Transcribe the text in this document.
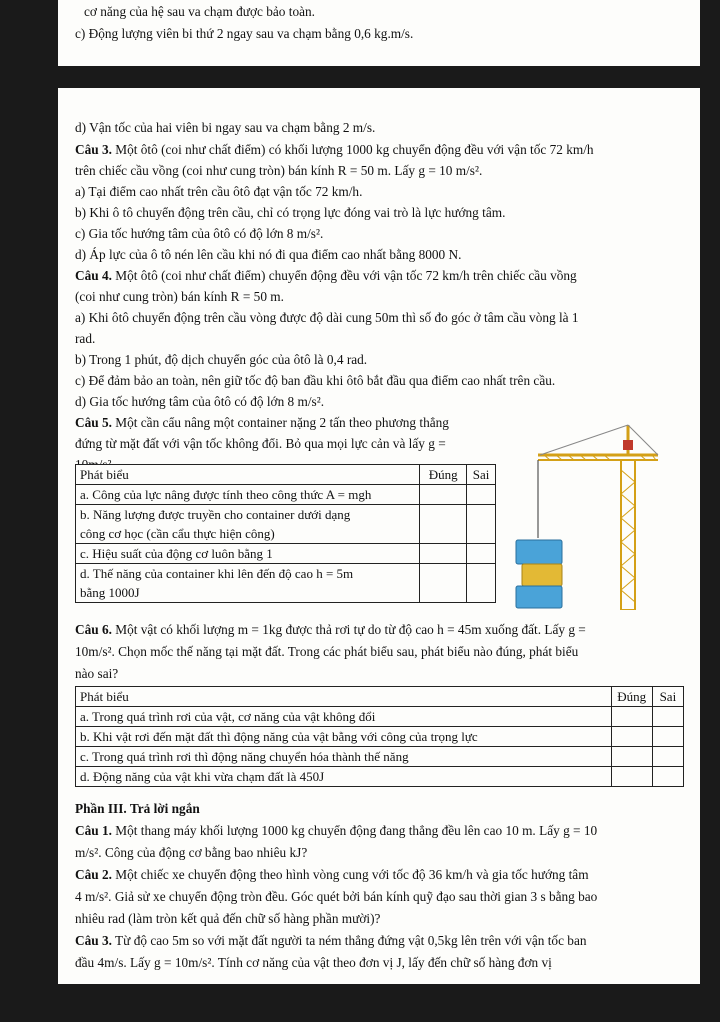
cơ năng của hệ sau va chạm được bảo toàn.
c) Động lượng viên bi thứ 2 ngay sau va chạm bằng 0,6 kg.m/s.
d) Vận tốc của hai viên bi ngay sau va chạm bằng 2 m/s.
Câu 3. Một ôtô (coi như chất điểm) có khối lượng 1000 kg chuyển động đều với vận tốc 72 km/h
trên chiếc cầu vồng (coi như cung tròn) bán kính R = 50 m. Lấy g = 10 m/s².
a) Tại điểm cao nhất trên cầu ôtô đạt vận tốc 72 km/h.
b) Khi ô tô chuyển động trên cầu, chỉ có trọng lực đóng vai trò là lực hướng tâm.
c) Gia tốc hướng tâm của ôtô có độ lớn 8 m/s².
d) Áp lực của ô tô nén lên cầu khi nó đi qua điểm cao nhất bằng 8000 N.
Câu 4. Một ôtô (coi như chất điểm) chuyển động đều với vận tốc 72 km/h trên chiếc cầu vồng
(coi như cung tròn) bán kính R = 50 m.
a) Khi ôtô chuyển động trên cầu vòng được độ dài cung 50m thì số đo góc ở tâm cầu vòng là 1
rad.
b) Trong 1 phút, độ dịch chuyển góc của ôtô là 0,4 rad.
c) Để đảm bảo an toàn, nên giữ tốc độ ban đầu khi ôtô bắt đầu qua điểm cao nhất trên cầu.
d) Gia tốc hướng tâm của ôtô có độ lớn 8 m/s².
Câu 5. Một cần cẩu nâng một container nặng 2 tấn theo phương thẳng
đứng từ mặt đất với vận tốc không đổi. Bỏ qua mọi lực cản và lấy g =
Phát biểu	Đúng	Sai
a. Công của lực nâng được tính theo công thức A = mgh		

b. Năng lượng được truyền cho container dưới dạng
công cơ học (cần cẩu thực hiện công)		

c. Hiệu suất của động cơ luôn bằng 1		

d. Thế năng của container khi lên đến độ cao h = 5m
bằng 1000J		

Câu 6. Một vật có khối lượng m = 1kg được thả rơi tự do từ độ cao h = 45m xuống đất. Lấy g =
10m/s². Chọn mốc thế năng tại mặt đất. Trong các phát biểu sau, phát biểu nào đúng, phát biểu
nào sai?
Phát biểu	Đúng	Sai
a. Trong quá trình rơi của vật, cơ năng của vật không đổi		
b. Khi vật rơi đến mặt đất thì động năng của vật bằng với công của trọng lực		
c. Trong quá trình rơi thì động năng chuyển hóa thành thế năng		
d. Động năng của vật khi vừa chạm đất là 450J		
Phần III. Trả lời ngắn
Câu 1. Một thang máy khối lượng 1000 kg chuyển động đang thẳng đều lên cao 10 m. Lấy g = 10
m/s². Công của động cơ bằng bao nhiêu kJ?
Câu 2. Một chiếc xe chuyển động theo hình vòng cung với tốc độ 36 km/h và gia tốc hướng tâm
4 m/s². Giả sử xe chuyển động tròn đều. Góc quét bởi bán kính quỹ đạo sau thời gian 3 s bằng bao
nhiêu rad (làm tròn kết quả đến chữ số hàng phần mười)?
Câu 3. Từ độ cao 5m so với mặt đất người ta ném thẳng đứng vật 0,5kg lên trên với vận tốc ban
đầu 4m/s. Lấy g = 10m/s². Tính cơ năng của vật theo đơn vị J, lấy đến chữ số hàng đơn vị
